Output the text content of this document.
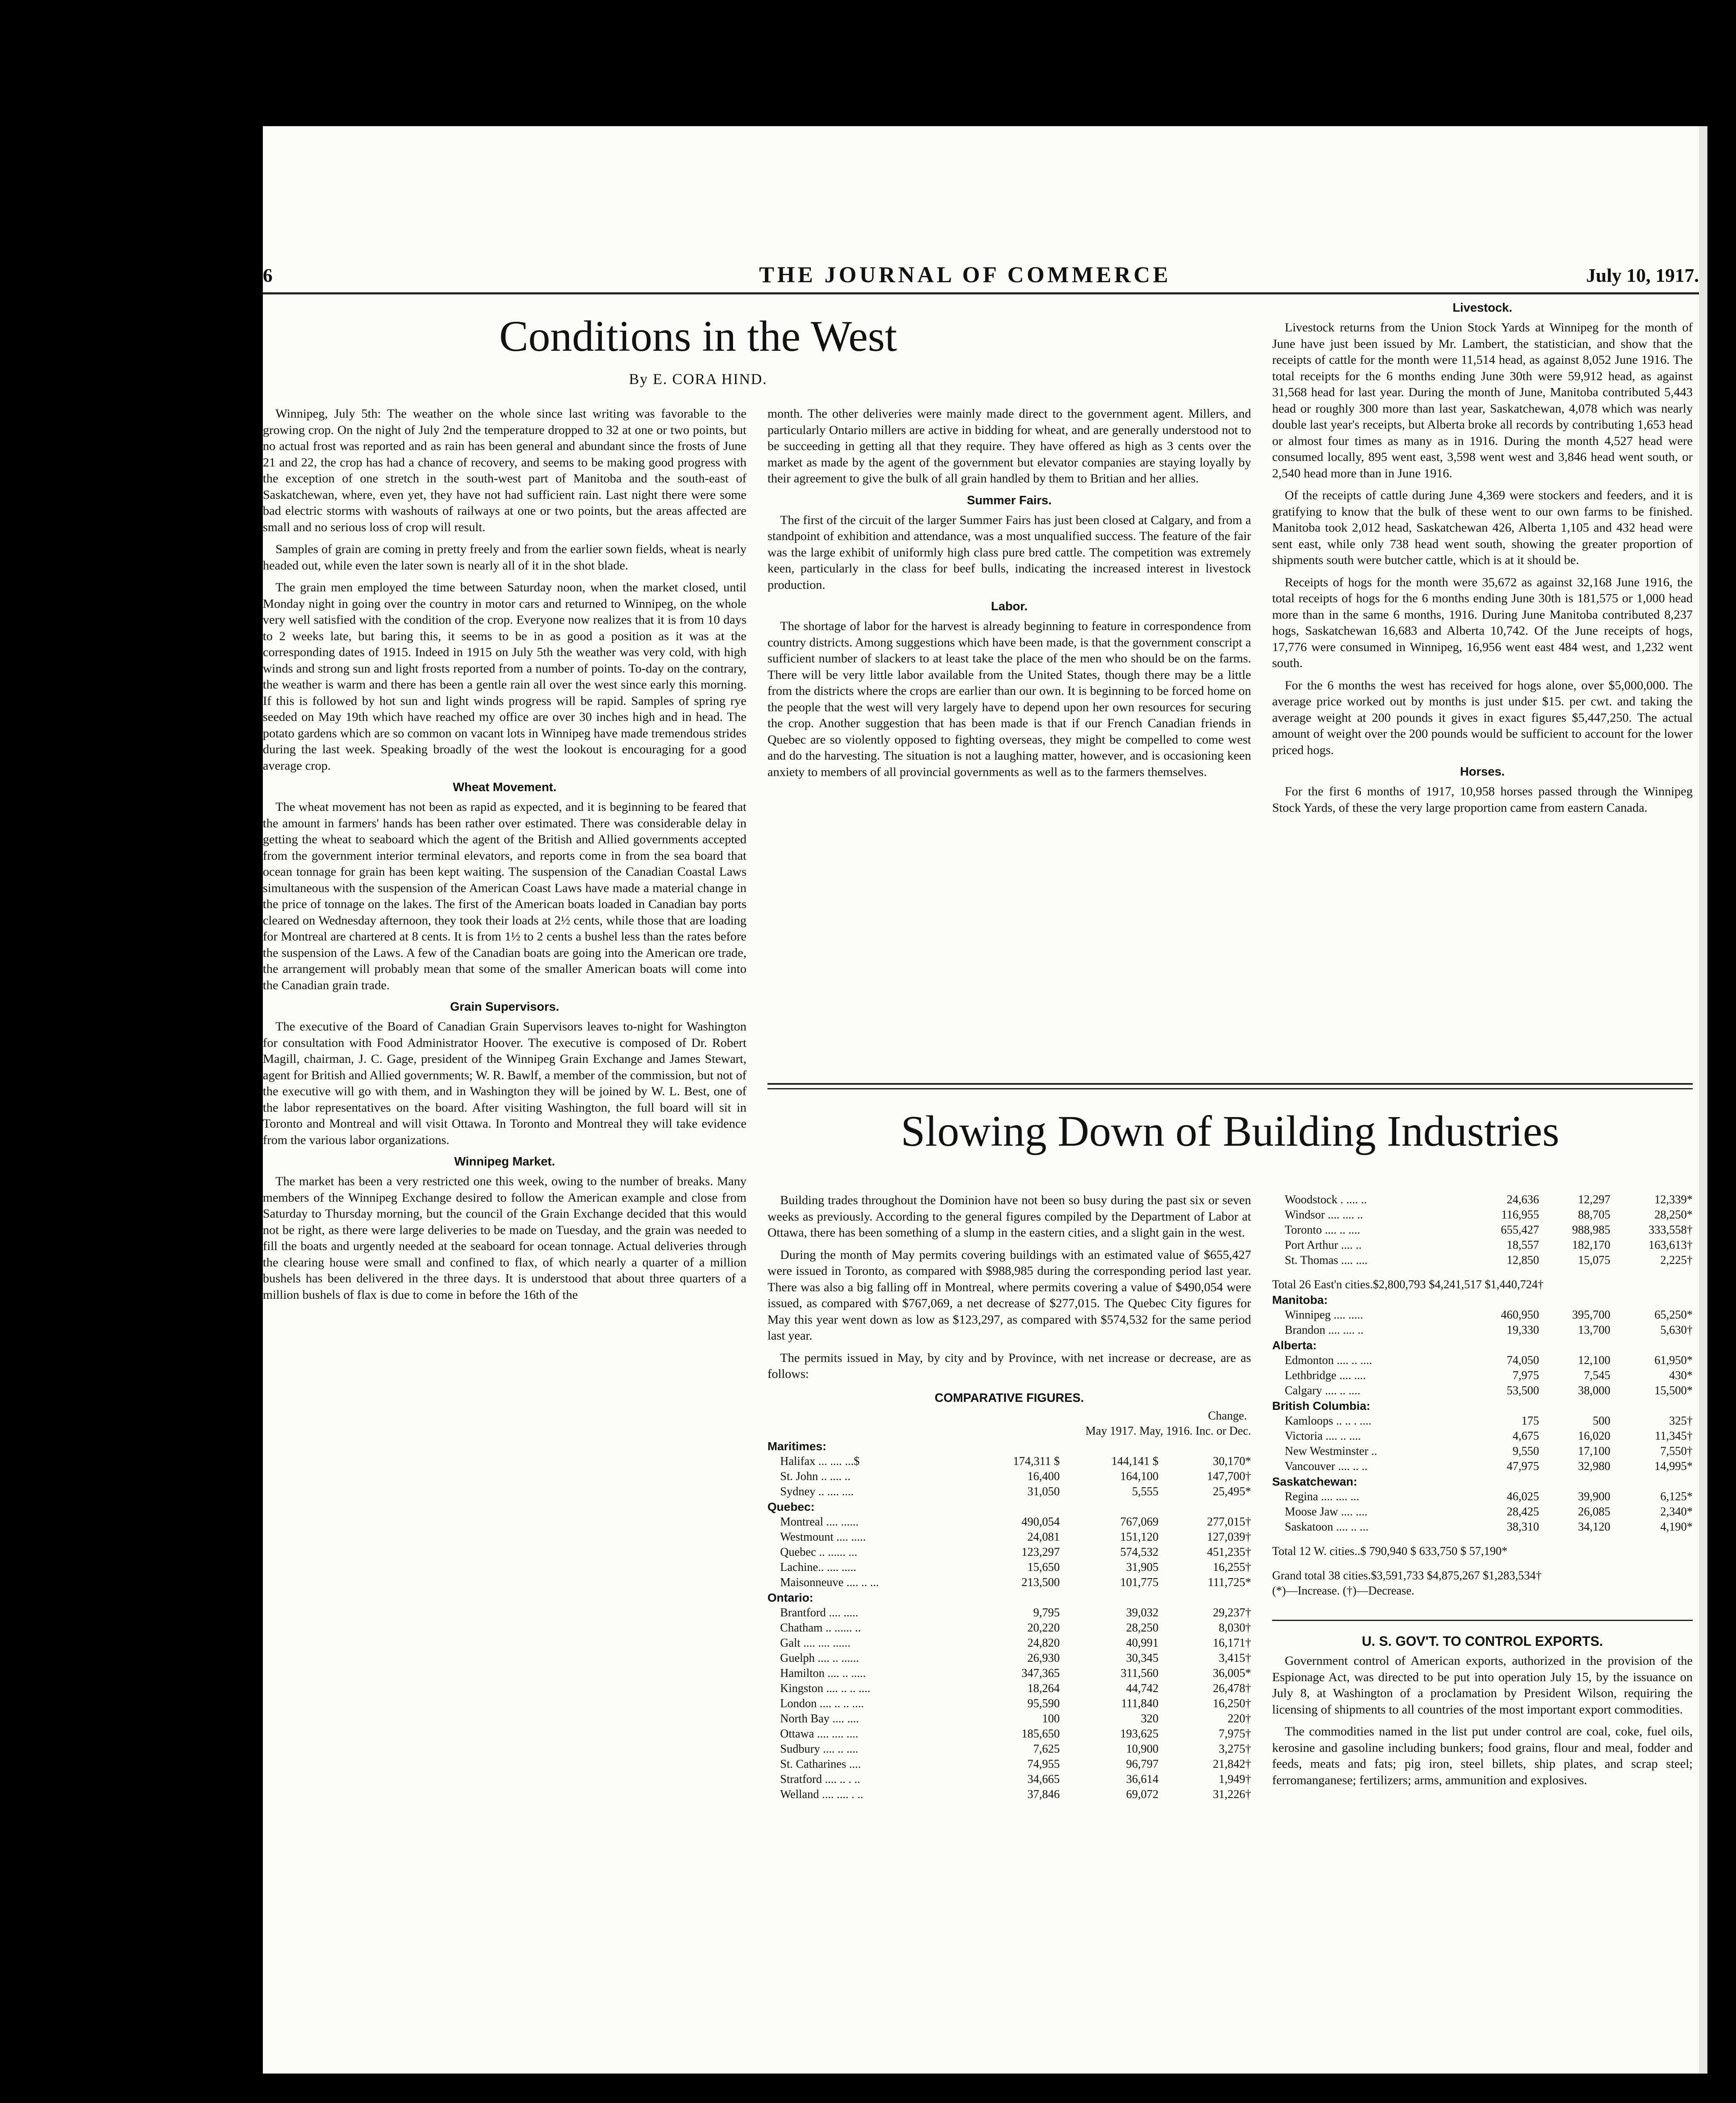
6	THE JOURNAL OF COMMERCE	July 10, 1917.
Conditions in the West
By E. CORA HIND.

Winnipeg, July 5th: The weather on the whole since last writing was favorable to the growing crop. On the night of July 2nd the temperature dropped to 32 at one or two points, but no actual frost was reported and as rain has been general and abundant since the frosts of June 21 and 22, the crop has had a chance of recovery, and seems to be making good progress with the exception of one stretch in the south-west part of Manitoba and the south-east of Saskatchewan, where, even yet, they have not had sufficient rain. Last night there were some bad electric storms with washouts of railways at one or two points, but the areas affected are small and no serious loss of crop will result.

Samples of grain are coming in pretty freely and from the earlier sown fields, wheat is nearly headed out, while even the later sown is nearly all of it in the shot blade.

The grain men employed the time between Saturday noon, when the market closed, until Monday night in going over the country in motor cars and returned to Winnipeg, on the whole very well satisfied with the condition of the crop. Everyone now realizes that it is from 10 days to 2 weeks late, but baring this, it seems to be in as good a position as it was at the corresponding dates of 1915. Indeed in 1915 on July 5th the weather was very cold, with high winds and strong sun and light frosts reported from a number of points. To-day on the contrary, the weather is warm and there has been a gentle rain all over the west since early this morning. If this is followed by hot sun and light winds progress will be rapid. Samples of spring rye seeded on May 19th which have reached my office are over 30 inches high and in head. The potato gardens which are so common on vacant lots in Winnipeg have made tremendous strides during the last week. Speaking broadly of the west the lookout is encouraging for a good average crop.

Wheat Movement.

The wheat movement has not been as rapid as expected, and it is beginning to be feared that the amount in farmers' hands has been rather over estimated. There was considerable delay in getting the wheat to seaboard which the agent of the British and Allied governments accepted from the government interior terminal elevators, and reports come in from the sea board that ocean tonnage for grain has been kept waiting. The suspension of the Canadian Coastal Laws simultaneous with the suspension of the American Coast Laws have made a material change in the price of tonnage on the lakes. The first of the American boats loaded in Canadian bay ports cleared on Wednesday afternoon, they took their loads at 2½ cents, while those that are loading for Montreal are chartered at 8 cents. It is from 1½ to 2 cents a bushel less than the rates before the suspension of the Laws. A few of the Canadian boats are going into the American ore trade, the arrangement will probably mean that some of the smaller American boats will come into the Canadian grain trade.

Grain Supervisors.

The executive of the Board of Canadian Grain Supervisors leaves to-night for Washington for consultation with Food Administrator Hoover. The executive is composed of Dr. Robert Magill, chairman, J. C. Gage, president of the Winnipeg Grain Exchange and James Stewart, agent for British and Allied governments; W. R. Bawlf, a member of the commission, but not of the executive will go with them, and in Washington they will be joined by W. L. Best, one of the labor representatives on the board. After visiting Washington, the full board will sit in Toronto and Montreal and will visit Ottawa. In Toronto and Montreal they will take evidence from the various labor organizations.

Winnipeg Market.

The market has been a very restricted one this week, owing to the number of breaks. Many members of the Winnipeg Exchange desired to follow the American example and close from Saturday to Thursday morning, but the council of the Grain Exchange decided that this would not be right, as there were large deliveries to be made on Tuesday, and the grain was needed to fill the boats and urgently needed at the seaboard for ocean tonnage. Actual deliveries through the clearing house were small and confined to flax, of which nearly a quarter of a million bushels has been delivered in the three days. It is understood that about three quarters of a million bushels of flax is due to come in before the 16th of the

month. The other deliveries were mainly made direct to the government agent. Millers, and particularly Ontario millers are active in bidding for wheat, and are generally understood not to be succeeding in getting all that they require. They have offered as high as 3 cents over the market as made by the agent of the government but elevator companies are staying loyally by their agreement to give the bulk of all grain handled by them to Britian and her allies.

Summer Fairs.

The first of the circuit of the larger Summer Fairs has just been closed at Calgary, and from a standpoint of exhibition and attendance, was a most unqualified success. The feature of the fair was the large exhibit of uniformly high class pure bred cattle. The competition was extremely keen, particularly in the class for beef bulls, indicating the increased interest in livestock production.

Labor.

The shortage of labor for the harvest is already beginning to feature in correspondence from country districts. Among suggestions which have been made, is that the government conscript a sufficient number of slackers to at least take the place of the men who should be on the farms. There will be very little labor available from the United States, though there may be a little from the districts where the crops are earlier than our own. It is beginning to be forced home on the people that the west will very largely have to depend upon her own resources for securing the crop. Another suggestion that has been made is that if our French Canadian friends in Quebec are so violently opposed to fighting overseas, they might be compelled to come west and do the harvesting. The situation is not a laughing matter, however, and is occasioning keen anxiety to members of all provincial governments as well as to the farmers themselves.

Livestock.

Livestock returns from the Union Stock Yards at Winnipeg for the month of June have just been issued by Mr. Lambert, the statistician, and show that the receipts of cattle for the month were 11,514 head, as against 8,052 June 1916. The total receipts for the 6 months ending June 30th were 59,912 head, as against 31,568 head for last year. During the month of June, Manitoba contributed 5,443 head or roughly 300 more than last year, Saskatchewan, 4,078 which was nearly double last year's receipts, but Alberta broke all records by contributing 1,653 head or almost four times as many as in 1916. During the month 4,527 head were consumed locally, 895 went east, 3,598 went west and 3,846 head went south, or 2,540 head more than in June 1916.

Of the receipts of cattle during June 4,369 were stockers and feeders, and it is gratifying to know that the bulk of these went to our own farms to be finished. Manitoba took 2,012 head, Saskatchewan 426, Alberta 1,105 and 432 head were sent east, while only 738 head went south, showing the greater proportion of shipments south were butcher cattle, which is at it should be.

Receipts of hogs for the month were 35,672 as against 32,168 June 1916, the total receipts of hogs for the 6 months ending June 30th is 181,575 or 1,000 head more than in the same 6 months, 1916. During June Manitoba contributed 8,237 hogs, Saskatchewan 16,683 and Alberta 10,742. Of the June receipts of hogs, 17,776 were consumed in Winnipeg, 16,956 went east 484 west, and 1,232 went south.

For the 6 months the west has received for hogs alone, over $5,000,000. The average price worked out by months is just under $15. per cwt. and taking the average weight at 200 pounds it gives in exact figures $5,447,250. The actual amount of weight over the 200 pounds would be sufficient to account for the lower priced hogs.

Horses.

For the first 6 months of 1917, 10,958 horses passed through the Winnipeg Stock Yards, of these the very large proportion came from eastern Canada.

Slowing Down of Building Industries

Building trades throughout the Dominion have not been so busy during the past six or seven weeks as previously. According to the general figures compiled by the Department of Labor at Ottawa, there has been something of a slump in the eastern cities, and a slight gain in the west.

During the month of May permits covering buildings with an estimated value of $655,427 were issued in Toronto, as compared with $988,985 during the corresponding period last year. There was also a big falling off in Montreal, where permits covering a value of $490,054 were issued, as compared with $767,069, a net decrease of $277,015. The Quebec City figures for May this year went down as low as $123,297, as compared with $574,532 for the same period last year.

The permits issued in May, by city and by Province, with net increase or decrease, are as follows:

COMPARATIVE FIGURES.
Change.
	May 1917. May, 1916. Inc. or Dec.		
Maritimes:			
Halifax ... .... ...$	174,311 $	144,141 $	30,170*
St. John .. .... ..	16,400	164,100	147,700†
Sydney .. .... ....	31,050	5,555	25,495*
Quebec:			
Montreal .... ......	490,054	767,069	277,015†
Westmount .... .....	24,081	151,120	127,039†
Quebec .. ...... ...	123,297	574,532	451,235†
Lachine.. .... .....	15,650	31,905	16,255†
Maisonneuve .... .. ...	213,500	101,775	111,725*
Ontario:			
Brantford .... .....	9,795	39,032	29,237†
Chatham .. ...... ..	20,220	28,250	8,030†
Galt .... .... ......	24,820	40,991	16,171†
Guelph .... .. ......	26,930	30,345	3,415†
Hamilton .... .. .....	347,365	311,560	36,005*
Kingston .... .. .. ....	18,264	44,742	26,478†
London .... .. .. ....	95,590	111,840	16,250†
North Bay .... ....	100	320	220†
Ottawa .... .... ....	185,650	193,625	7,975†
Sudbury .... .. ....	7,625	10,900	3,275†
St. Catharines ....	74,955	96,797	21,842†
Stratford .... .. . ..	34,665	36,614	1,949†
Welland .... .... . ..	37,846	69,072	31,226†
Woodstock . .... ..	24,636	12,297	12,339*
Windsor .... .... ..	116,955	88,705	28,250*
Toronto .... .. ....	655,427	988,985	333,558†
Port Arthur .... ..	18,557	182,170	163,613†
St. Thomas .... ....	12,850	15,075	2,225†
Total 26 East'n cities.$2,800,793 $4,241,517 $1,440,724†			
Manitoba:			
Winnipeg .... .....	460,950	395,700	65,250*
Brandon .... .... ..	19,330	13,700	5,630†
Alberta:			
Edmonton .... .. ....	74,050	12,100	61,950*
Lethbridge .... ....	7,975	7,545	430*
Calgary .... .. ....	53,500	38,000	15,500*
British Columbia:			
Kamloops .. .. . ....	175	500	325†
Victoria .... .. ....	4,675	16,020	11,345†
New Westminster ..	9,550	17,100	7,550†
Vancouver .... .. ..	47,975	32,980	14,995*
Saskatchewan:			
Regina .... .... ...	46,025	39,900	6,125*
Moose Jaw .... ....	28,425	26,085	2,340*
Saskatoon .... .. ...	38,310	34,120	4,190*
Total 12 W. cities..$ 790,940 $ 633,750 $ 57,190*			
Grand total 38 cities.$3,591,733 $4,875,267 $1,283,534†			
(*)—Increase. (†)—Decrease.			
U. S. GOV'T. TO CONTROL EXPORTS.

Government control of American exports, authorized in the provision of the Espionage Act, was directed to be put into operation July 15, by the issuance on July 8, at Washington of a proclamation by President Wilson, requiring the licensing of shipments to all countries of the most important export commodities.

The commodities named in the list put under control are coal, coke, fuel oils, kerosine and gasoline including bunkers; food grains, flour and meal, fodder and feeds, meats and fats; pig iron, steel billets, ship plates, and scrap steel; ferromanganese; fertilizers; arms, ammunition and explosives.
